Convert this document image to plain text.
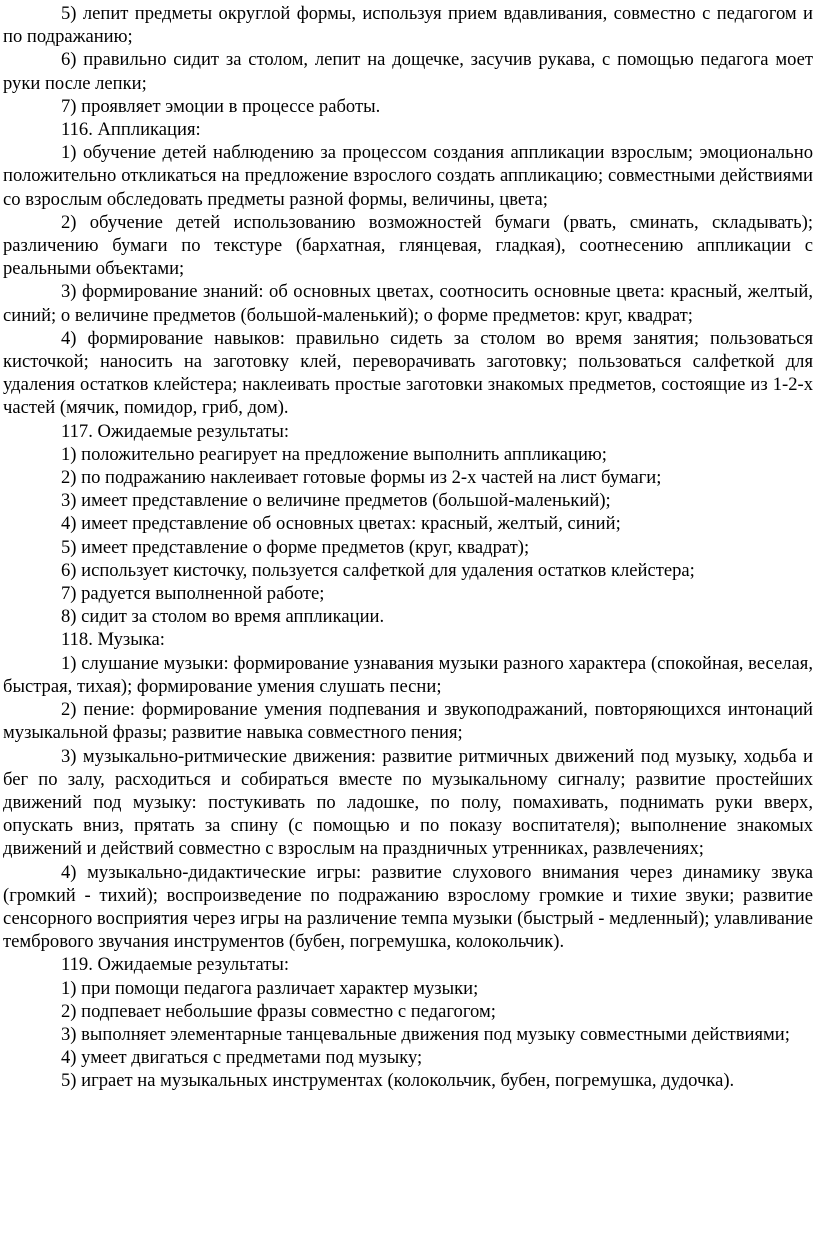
5) лепит предметы округлой формы, используя прием вдавливания, совместно с педагогом и по подражанию;

6) правильно сидит за столом, лепит на дощечке, засучив рукава, с помощью педагога моет руки после лепки;

7) проявляет эмоции в процессе работы.

116. Аппликация:

1) обучение детей наблюдению за процессом создания аппликации взрослым; эмоционально положительно откликаться на предложение взрослого создать аппликацию; совместными действиями со взрослым обследовать предметы разной формы, величины, цвета;

2) обучение детей использованию возможностей бумаги (рвать, сминать, складывать); различению бумаги по текстуре (бархатная, глянцевая, гладкая), соотнесению аппликации с реальными объектами;

3) формирование знаний: об основных цветах, соотносить основные цвета: красный, желтый, синий; о величине предметов (большой-маленький); о форме предметов: круг, квадрат;

4) формирование навыков: правильно сидеть за столом во время занятия; пользоваться кисточкой; наносить на заготовку клей, переворачивать заготовку; пользоваться салфеткой для удаления остатков клейстера; наклеивать простые заготовки знакомых предметов, состоящие из 1-2-х частей (мячик, помидор, гриб, дом).

117. Ожидаемые результаты:

1) положительно реагирует на предложение выполнить аппликацию;

2) по подражанию наклеивает готовые формы из 2-х частей на лист бумаги;

3) имеет представление о величине предметов (большой-маленький);

4) имеет представление об основных цветах: красный, желтый, синий;

5) имеет представление о форме предметов (круг, квадрат);

6) использует кисточку, пользуется салфеткой для удаления остатков клейстера;

7) радуется выполненной работе;

8) сидит за столом во время аппликации.

118. Музыка:

1) слушание музыки: формирование узнавания музыки разного характера (спокойная, веселая, быстрая, тихая); формирование умения слушать песни;

2) пение: формирование умения подпевания и звукоподражаний, повторяющихся интонаций музыкальной фразы; развитие навыка совместного пения;

3) музыкально-ритмические движения: развитие ритмичных движений под музыку, ходьба и бег по залу, расходиться и собираться вместе по музыкальному сигналу; развитие простейших движений под музыку: постукивать по ладошке, по полу, помахивать, поднимать руки вверх, опускать вниз, прятать за спину (с помощью и по показу воспитателя); выполнение знакомых движений и действий совместно с взрослым на праздничных утренниках, развлечениях;

4) музыкально-дидактические игры: развитие слухового внимания через динамику звука (громкий - тихий); воспроизведение по подражанию взрослому громкие и тихие звуки; развитие сенсорного восприятия через игры на различение темпа музыки (быстрый - медленный); улавливание тембрового звучания инструментов (бубен, погремушка, колокольчик).

119. Ожидаемые результаты:

1) при помощи педагога различает характер музыки;

2) подпевает небольшие фразы совместно с педагогом;

3) выполняет элементарные танцевальные движения под музыку совместными действиями;

4) умеет двигаться с предметами под музыку;

5) играет на музыкальных инструментах (колокольчик, бубен, погремушка, дудочка).
